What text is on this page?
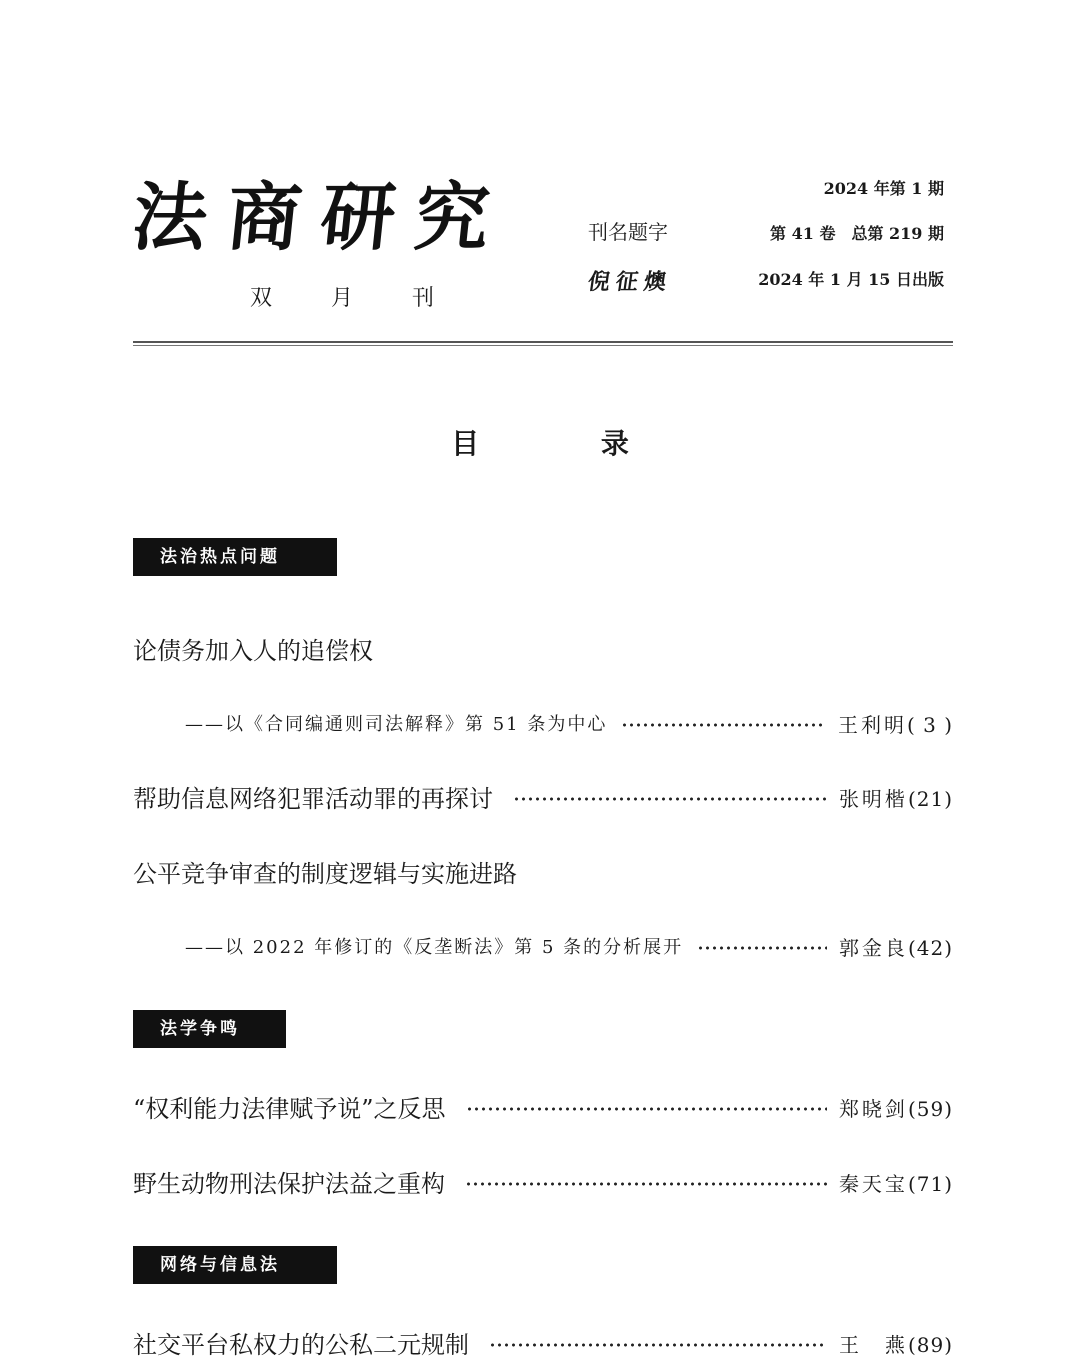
法商研究
双 月 刊
刊名题字
倪征燠
2024 年第 1 期
第 41 卷　总第 219 期
2024 年 1 月 15 日出版
目 录
法治热点问题
论债务加入人的追偿权
——以《合同编通则司法解释》第 51 条为中心	王利明 ( 3 )
帮助信息网络犯罪活动罪的再探讨	张明楷 (21)
公平竞争审查的制度逻辑与实施进路
——以 2022 年修订的《反垄断法》第 5 条的分析展开	郭金良 (42)
法学争鸣
“权利能力法律赋予说”之反思	郑晓剑 (59)
野生动物刑法保护法益之重构	秦天宝 (71)
网络与信息法
社交平台私权力的公私二元规制	王　燕 (89)
